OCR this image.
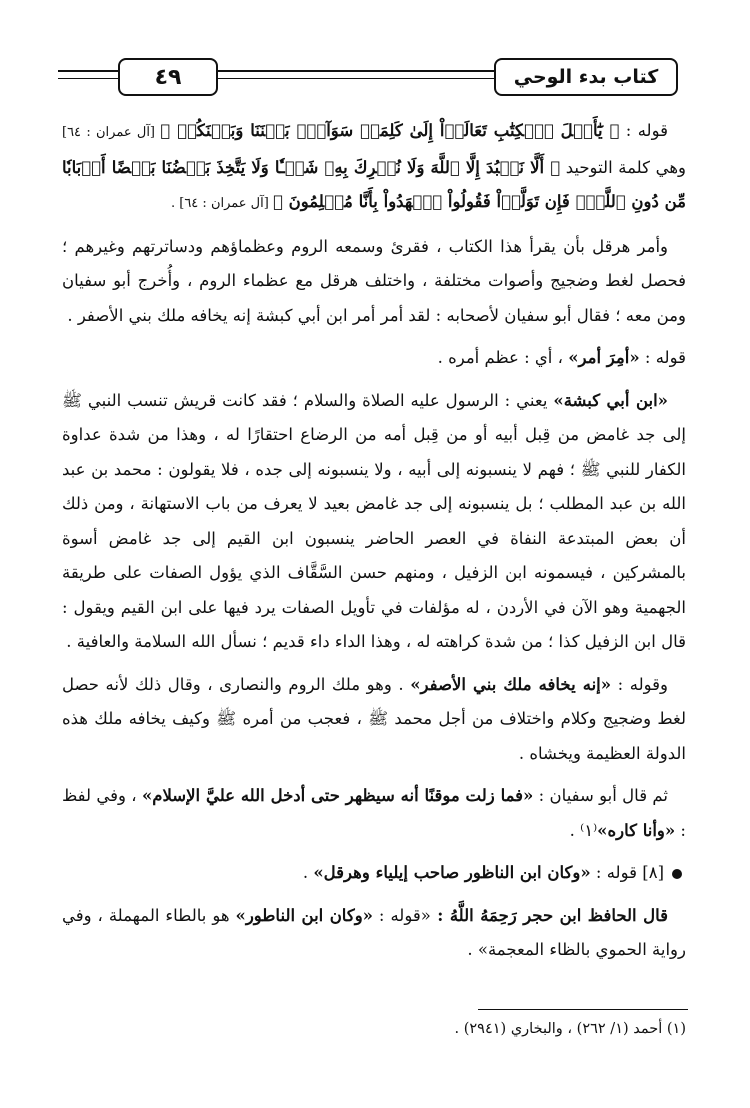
٤٩	كتاب بدء الوحي

قوله : ﴿ يَٰٓأَهۡلَ ٱلۡكِتَٰبِ تَعَالَوۡاْ إِلَىٰ كَلِمَةٖ سَوَآءِۭ بَيۡنَنَا وَبَيۡنَكُمۡ ﴾ [آل عمران : ٦٤] وهي كلمة التوحيد ﴿ أَلَّا نَعۡبُدَ إِلَّا ٱللَّهَ وَلَا نُشۡرِكَ بِهِۦ شَيۡـٔٗا وَلَا يَتَّخِذَ بَعۡضُنَا بَعۡضًا أَرۡبَابٗا مِّن دُونِ ٱللَّهِۚ فَإِن تَوَلَّوۡاْ فَقُولُواْ ٱشۡهَدُواْ بِأَنَّا مُسۡلِمُونَ ﴾ [آل عمران : ٦٤] .

وأمر هرقل بأن يقرأ هذا الكتاب ، فقرئ وسمعه الروم وعظماؤهم ودساترتهم وغيرهم ؛ فحصل لغط وضجيج وأصوات مختلفة ، واختلف هرقل مع عظماء الروم ، وأُخرج أبو سفيان ومن معه ؛ فقال أبو سفيان لأصحابه : لقد أمر أمر ابن أبي كبشة إنه يخافه ملك بني الأصفر .

قوله : «أمِرَ أمر» ، أي : عظم أمره .

«ابن أبي كبشة» يعني : الرسول عليه الصلاة والسلام ؛ فقد كانت قريش تنسب النبي ﷺ إلى جد غامض من قِبل أبيه أو من قِبل أمه من الرضاع احتقارًا له ، وهذا من شدة عداوة الكفار للنبي ﷺ ؛ فهم لا ينسبونه إلى أبيه ، ولا ينسبونه إلى جده ، فلا يقولون : محمد بن عبد الله بن عبد المطلب ؛ بل ينسبونه إلى جد غامض بعيد لا يعرف من باب الاستهانة ، ومن ذلك أن بعض المبتدعة النفاة في العصر الحاضر ينسبون ابن القيم إلى جد غامض أسوة بالمشركين ، فيسمونه ابن الزفيل ، ومنهم حسن السَّقَّاف الذي يؤول الصفات على طريقة الجهمية وهو الآن في الأردن ، له مؤلفات في تأويل الصفات يرد فيها على ابن القيم ويقول : قال ابن الزفيل كذا ؛ من شدة كراهته له ، وهذا الداء داء قديم ؛ نسأل الله السلامة والعافية .

وقوله : «إنه يخافه ملك بني الأصفر» . وهو ملك الروم والنصارى ، وقال ذلك لأنه حصل لغط وضجيج وكلام واختلاف من أجل محمد ﷺ ، فعجب من أمره ﷺ وكيف يخافه ملك هذه الدولة العظيمة ويخشاه .

ثم قال أبو سفيان : «فما زلت موقنًا أنه سيظهر حتى أدخل الله عليَّ الإسلام» ، وفي لفظ : «وأنا كاره»⁽١⁾ .

[٨] قوله : «وكان ابن الناظور صاحب إيلياء وهرقل» .

قال الحافظ ابن حجر رَحِمَهُ اللَّهُ : «قوله : «وكان ابن الناطور» هو بالطاء المهملة ، وفي رواية الحموي بالظاء المعجمة» .

(١) أحمد (١/ ٢٦٢) ، والبخاري (٢٩٤١) .
